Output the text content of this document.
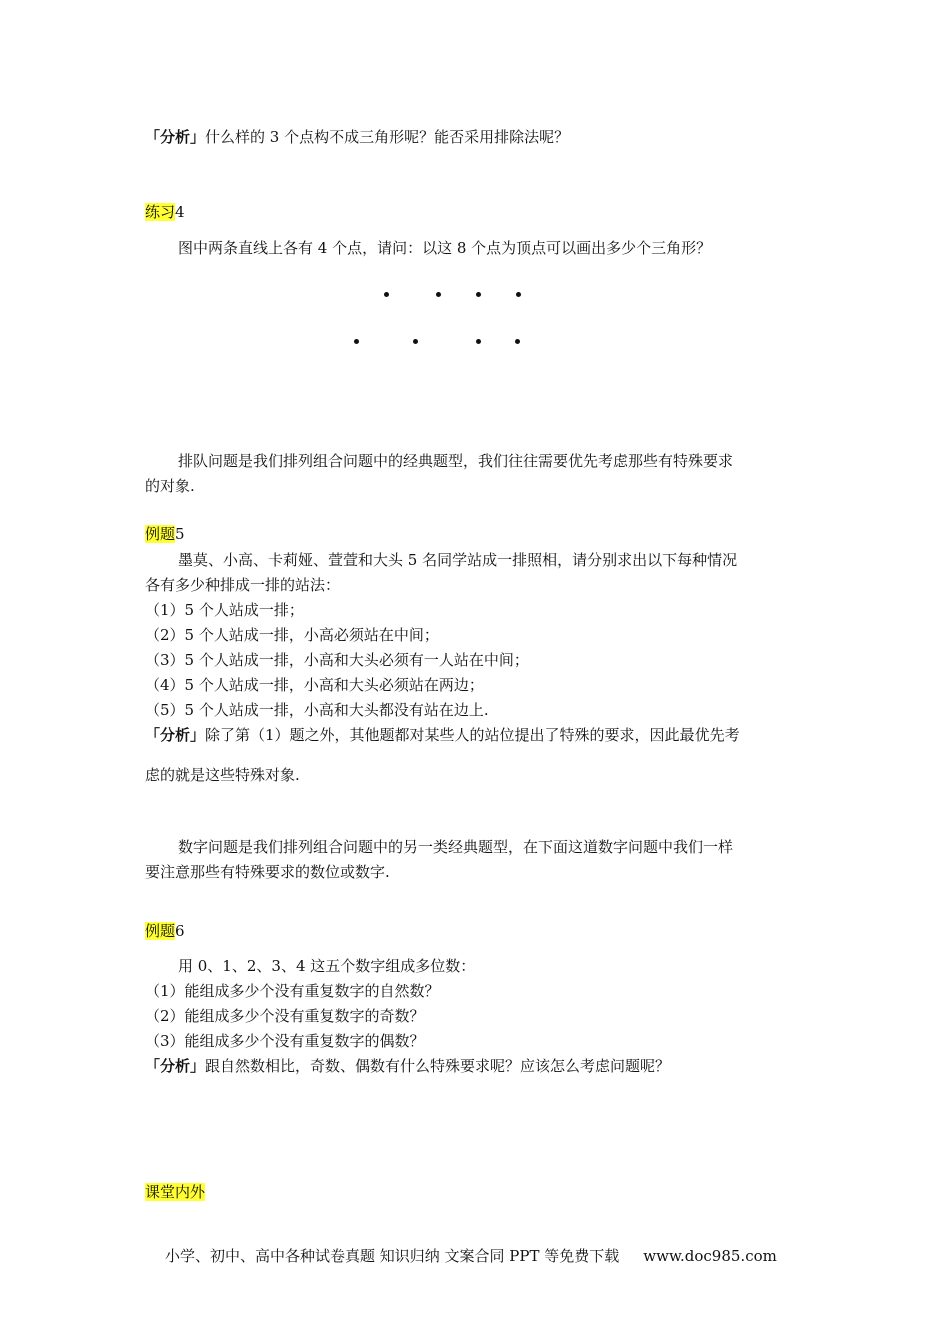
「分析」什么样的 3 个点构不成三角形呢？能否采用排除法呢？
练习4
图中两条直线上各有 4 个点，请问：以这 8 个点为顶点可以画出多少个三角形？
排队问题是我们排列组合问题中的经典题型，我们往往需要优先考虑那些有特殊要求
的对象.
例题5
墨莫、小高、卡莉娅、萱萱和大头 5 名同学站成一排照相，请分别求出以下每种情况
各有多少种排成一排的站法：
（1）5 个人站成一排；
（2）5 个人站成一排，小高必须站在中间；
（3）5 个人站成一排，小高和大头必须有一人站在中间；
（4）5 个人站成一排，小高和大头必须站在两边；
（5）5 个人站成一排，小高和大头都没有站在边上.
「分析」除了第（1）题之外，其他题都对某些人的站位提出了特殊的要求，因此最优先考
虑的就是这些特殊对象.
数字问题是我们排列组合问题中的另一类经典题型，在下面这道数字问题中我们一样
要注意那些有特殊要求的数位或数字.
例题6
用 0、1、2、3、4 这五个数字组成多位数：
（1）能组成多少个没有重复数字的自然数？
（2）能组成多少个没有重复数字的奇数？
（3）能组成多少个没有重复数字的偶数？
「分析」跟自然数相比，奇数、偶数有什么特殊要求呢？应该怎么考虑问题呢？
课堂内外
小学、初中、高中各种试卷真题 知识归纳 文案合同 PPT 等免费下载 www.doc985.com
